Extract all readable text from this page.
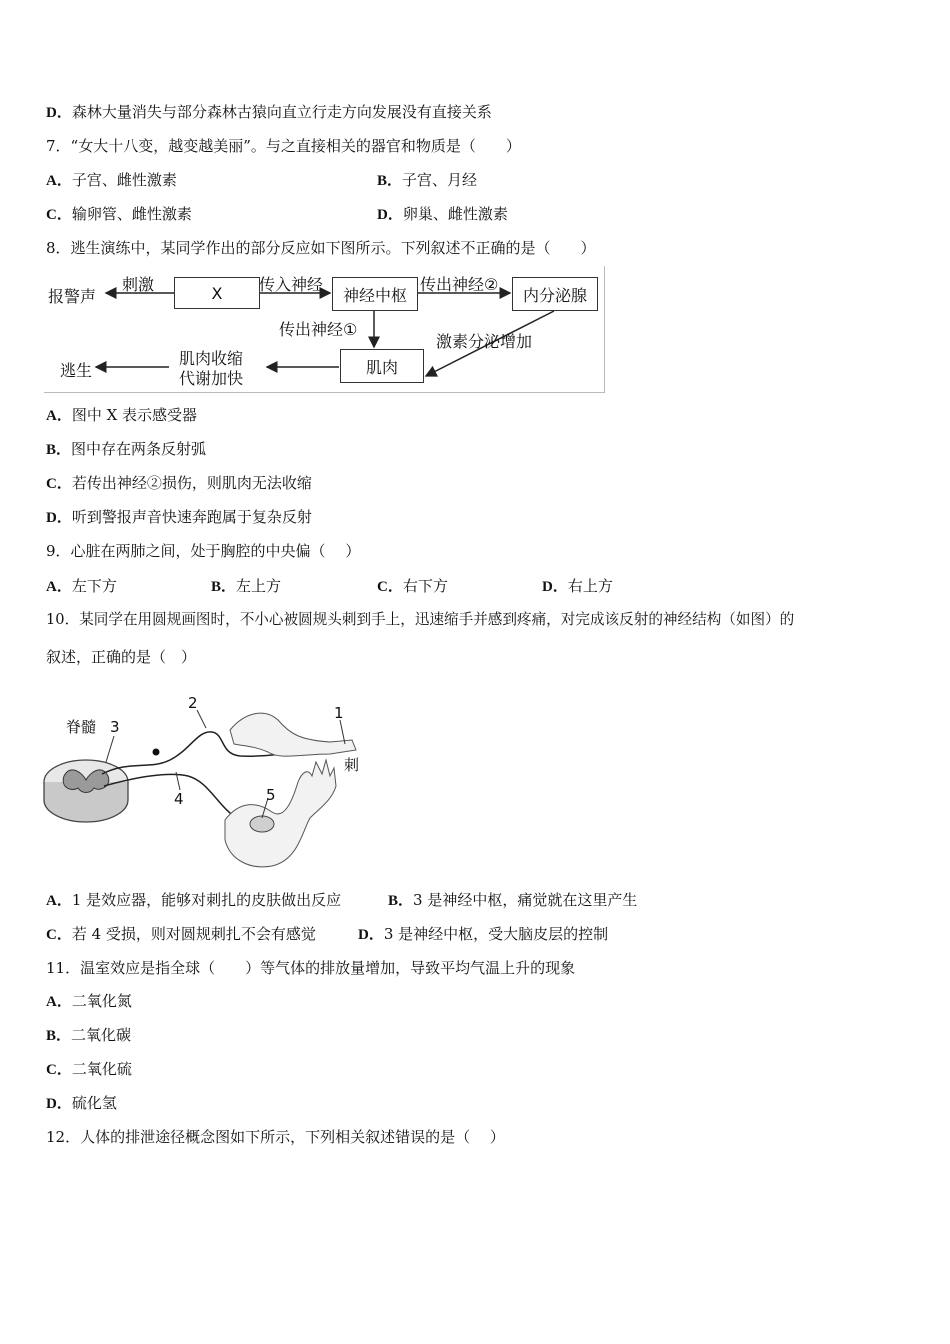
D．森林大量消失与部分森林古猿向直立行走方向发展没有直接关系
7．“女大十八变，越变越美丽”。与之直接相关的器官和物质是（　　）
A．子宫、雌性激素	B．子宫、月经
C．输卵管、雌性激素	D．卵巢、雌性激素
8．逃生演练中，某同学作出的部分反应如下图所示。下列叙述不正确的是（　　）
报警声
刺激	X	传入神经
神经中枢
传出神经②
内分泌腺
传出神经①
激素分泌增加
肌肉
肌肉收缩
代谢加快
逃生
A．图中 X 表示感受器
B．图中存在两条反射弧
C．若传出神经②损伤，则肌肉无法收缩
D．听到警报声音快速奔跑属于复杂反射
9．心脏在两肺之间，处于胸腔的中央偏（　 ）
A．左下方	B．左上方	C．右下方	D．右上方
10．某同学在用圆规画图时，不小心被圆规头刺到手上，迅速缩手并感到疼痛，对完成该反射的神经结构（如图）的
叙述，正确的是（　）
脊髓 3
2
1
刺
4	5
A．1 是效应器，能够对刺扎的皮肤做出反应	B．3 是神经中枢，痛觉就在这里产生
C．若 4 受损，则对圆规刺扎不会有感觉	D．3 是神经中枢，受大脑皮层的控制
11．温室效应是指全球（　　）等气体的排放量增加，导致平均气温上升的现象
A．二氧化氮
B．二氧化碳
C．二氧化硫
D．硫化氢
12．人体的排泄途径概念图如下所示，下列相关叙述错误的是（　 ）
